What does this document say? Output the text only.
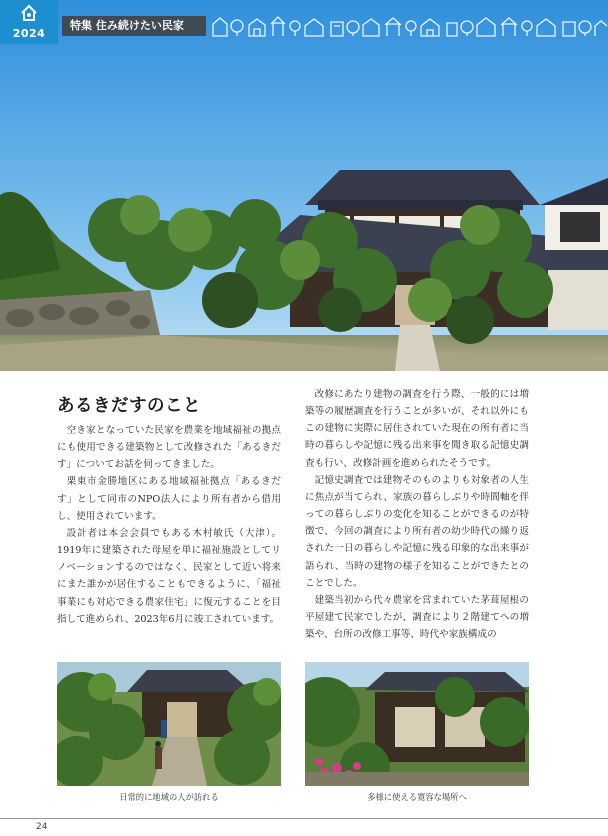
2024
特集 住み続けたい民家
あるきだすのこと

空き家となっていた民家を農業を地域福祉の拠点にも使用できる建築物として改修された「あるきだす」についてお話を伺ってきました。

栗東市金勝地区にある地域福祉拠点「あるきだす」として同市のNPO法人により所有者から借用し、使用されています。

設計者は本会会員でもある木村敏氏（大津）。1919年に建築された母屋を単に福祉施設としてリノベーションするのではなく、民家として近い将来にまた誰かが居住することもできるように、「福祉事業にも対応できる農家住宅」に復元することを目指して進められ、2023年6月に竣工されています。

改修にあたり建物の調査を行う際、一般的には増築等の履歴調査を行うことが多いが、それ以外にもこの建物に実際に居住されていた現在の所有者に当時の暮らしや記憶に残る出来事を聞き取る記憶史調査も行い、改修計画を進められたそうです。

記憶史調査では建物そのものよりも対象者の人生に焦点が当てられ、家族の暮らしぶりや時間軸を伴っての暮らしぶりの変化を知ることができるのが特徴で、今回の調査により所有者の幼少時代の繰り返された一日の暮らしや記憶に残る印象的な出来事が語られ、当時の建物の様子を知ることができたとのことでした。

建築当初から代々農家を営まれていた茅葺屋根の平屋建て民家でしたが、調査により２階建てへの増築や、台所の改修工事等、時代や家族構成の

日常的に地域の人が訪れる	多様に使える寛容な場所へ
24
